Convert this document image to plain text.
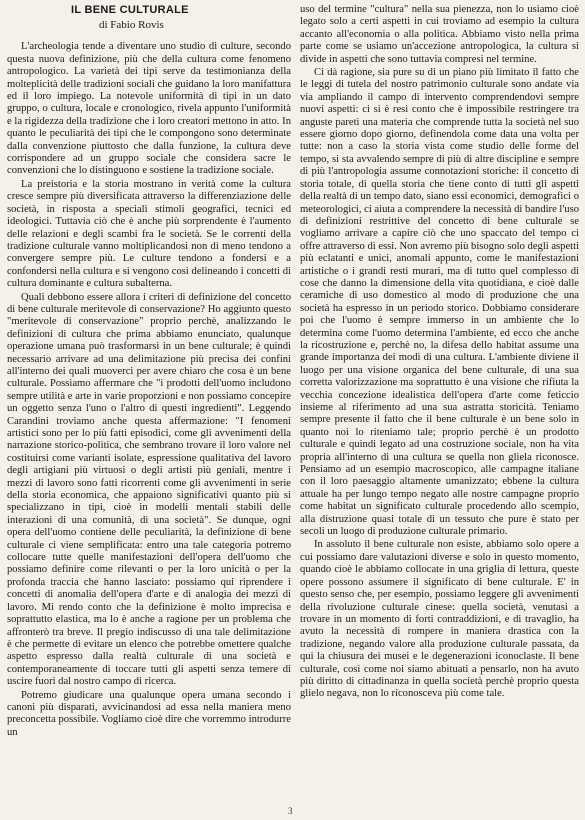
IL BENE CULTURALE
di Fabio Rovis

L'archeologia tende a diventare uno studio di culture, secondo questa nuova definizione, più che della cultura come fenomeno antropologico. La varietà dei tipi serve da testimonianza della molteplicità delle tradizioni sociali che guidano la loro manifattura ed il loro impiego. La notevole uniformità di tipi in un dato gruppo, o cultura, locale e cronologico, rivela appunto l'uniformità e la rigidezza della tradizione che i loro creatori mettono in atto. In quanto le peculiarità dei tipi che le compongono sono determinate dalla convenzione piuttosto che dalla funzione, la cultura deve corrispondere ad un gruppo sociale che considera sacre le convenzioni che lo distinguono e sostiene la tradizione sociale.

La preistoria e la storia mostrano in verità come la cultura cresce sempre più diversificata attraverso la differenziazione delle società, in risposta a speciali stimoli geografici, tecnici ed ideologici. Tuttavia ciò che è anche più sorprendente è l'aumento delle relazioni e degli scambi fra le società. Se le correnti della tradizione culturale vanno moltiplicandosi non di meno tendono a convergere sempre più. Le culture tendono a fondersi e a confondersi nella cultura e si vengono così delineando i concetti di cultura dominante e cultura subalterna.

Quali debbono essere allora i criteri di definizione del concetto di bene culturale meritevole di conservazione? Ho aggiunto questo "meritevole di conservazione" proprio perchè, analizzando le definizioni di cultura che prima abbiamo enunciato, qualunque operazione umana può trasformarsi in un bene culturale; è quindi necessario arrivare ad una delimitazione più precisa dei confini all'interno dei quali muoverci per avere chiaro che cosa è un bene culturale. Possiamo affermare che "i prodotti dell'uomo includono sempre utilità e arte in varie proporzioni e non possiamo concepire un oggetto senza l'uno o l'altro di questi ingredienti". Leggendo Carandini troviamo anche questa affermazione: "I fenomeni artistici sono per lo più fatti episodici, come gli avvenimenti della narrazione storico-politica, che sembrano trovare il loro valore nel costituirsi come varianti isolate, espressione qualitativa del lavoro degli artigiani più virtuosi o degli artisti più geniali, mentre i mezzi di lavoro sono fatti ricorrenti come gli avvenimenti in serie della storia economica, che appaiono significativi quanto più si specializzano in tipi, cioè in modelli mentali stabili delle interazioni di una comunità, di una società". Se dunque, ogni opera dell'uomo contiene delle peculiarità, la definizione di bene culturale ci viene semplificata: entro una tale categoria potremo collocare tutte quelle manifestazioni dell'opera dell'uomo che possiamo definire come rilevanti o per la loro unicità o per la profonda traccia che hanno lasciato: possiamo qui riprendere i concetti di anomalia dell'opera d'arte e di analogia dei mezzi di lavoro. Mi rendo conto che la definizione è molto imprecisa e soprattutto elastica, ma lo è anche a ragione per un problema che affronterò tra breve. Il pregio indiscusso di una tale delimitazione è che permette di evitare un elenco che potrebbe omettere qualche aspetto espresso dalla realtà culturale di una società e contemporaneamente di toccare tutti gli aspetti senza temere di uscire fuori dal nostro campo di ricerca.

Potremo giudicare una qualunque opera umana secondo i canoni più disparati, avvicinandosi ad essa nella maniera meno preconcetta possibile. Vogliamo cioè dire che vorremmo introdurre un

uso del termine "cultura" nella sua pienezza, non lo usiamo cioè legato solo a certi aspetti in cui troviamo ad esempio la cultura accanto all'economia o alla politica. Abbiamo visto nella prima parte come se usiamo un'accezione antropologica, la cultura si divide in aspetti che sono tuttavia compresi nel termine.

Ci dà ragione, sia pure su di un piano più limitato il fatto che le leggi di tutela del nostro patrimonio culturale sono andate via via ampliando il campo di intervento comprendendovi sempre nuovi aspetti: ci si è resi conto che è impossibile restringere tra anguste pareti una materia che comprende tutta la società nel suo essere giorno dopo giorno, definendola come data una volta per tutte: non a caso la storia vista come studio delle forme del tempo, si sta avvalendo sempre di più di altre discipline e sempre di più l'antropologia assume connotazioni storiche: il concetto di storia totale, di quella storia che tiene conto di tutti gli aspetti della realtà di un tempo dato, siano essi economici, demografici o meteorologici, ci aiuta a comprendere la necessità di bandire l'uso di definizioni restrittive del concetto di bene culturale se vogliamo arrivare a capire ciò che uno spaccato del tempo ci offre attraverso di essi. Non avremo più bisogno solo degli aspetti più eclatanti e unici, anomali appunto, come le manifestazioni artistiche o i grandi resti murari, ma di tutto quel complesso di cose che danno la dimensione della vita quotidiana, e cioè dalle ceramiche di uso domestico al modo di produzione che una società ha espresso in un periodo storico. Dobbiamo considerare poi che l'uomo è sempre immerso in un ambiente che lo determina come l'uomo determina l'ambiente, ed ecco che anche la ricostruzione e, perchè no, la difesa dello habitat assume una grande importanza dei modi di una cultura. L'ambiente diviene il luogo per una visione organica del bene culturale, di una sua corretta valorizzazione ma soprattutto è una visione che rifiuta la vecchia concezione idealistica dell'opera d'arte come feticcio insieme al riferimento ad una sua astratta storicità. Teniamo sempre presente il fatto che il bene culturale è un bene solo in quanto noi lo riteniamo tale; proprio perchè è un prodotto culturale e quindi legato ad una costruzione sociale, non ha vita propria all'interno di una cultura se quella non gliela riconosce. Pensiamo ad un esempio macroscopico, alle campagne italiane con il loro paesaggio altamente umanizzato; ebbene la cultura attuale ha per lungo tempo negato alle nostre campagne proprio come habitat un significato culturale procedendo allo scempio, alla distruzione quasi totale di un tessuto che pure è stato per secoli un luogo di produzione culturale primario.

In assoluto il bene culturale non esiste, abbiamo solo opere a cui possiamo dare valutazioni diverse e solo in questo momento, quando cioè le abbiamo collocate in una griglia di lettura, queste opere possono assumere il significato di bene culturale. E' in questo senso che, per esempio, possiamo leggere gli avvenimenti della rivoluzione culturale cinese: quella società, venutasi a trovare in un momento di forti contraddizioni, e di travaglio, ha avuto la necessità di rompere in maniera drastica con la tradizione, negando valore alla produzione culturale passata, da qui la chiusura dei musei e le degenerazioni iconoclaste. Il bene culturale, così come noi siamo abituati a pensarlo, non ha avuto più diritto di cittadinanza in quella società perchè proprio questa glielo negava, non lo riconosceva più come tale.

3
